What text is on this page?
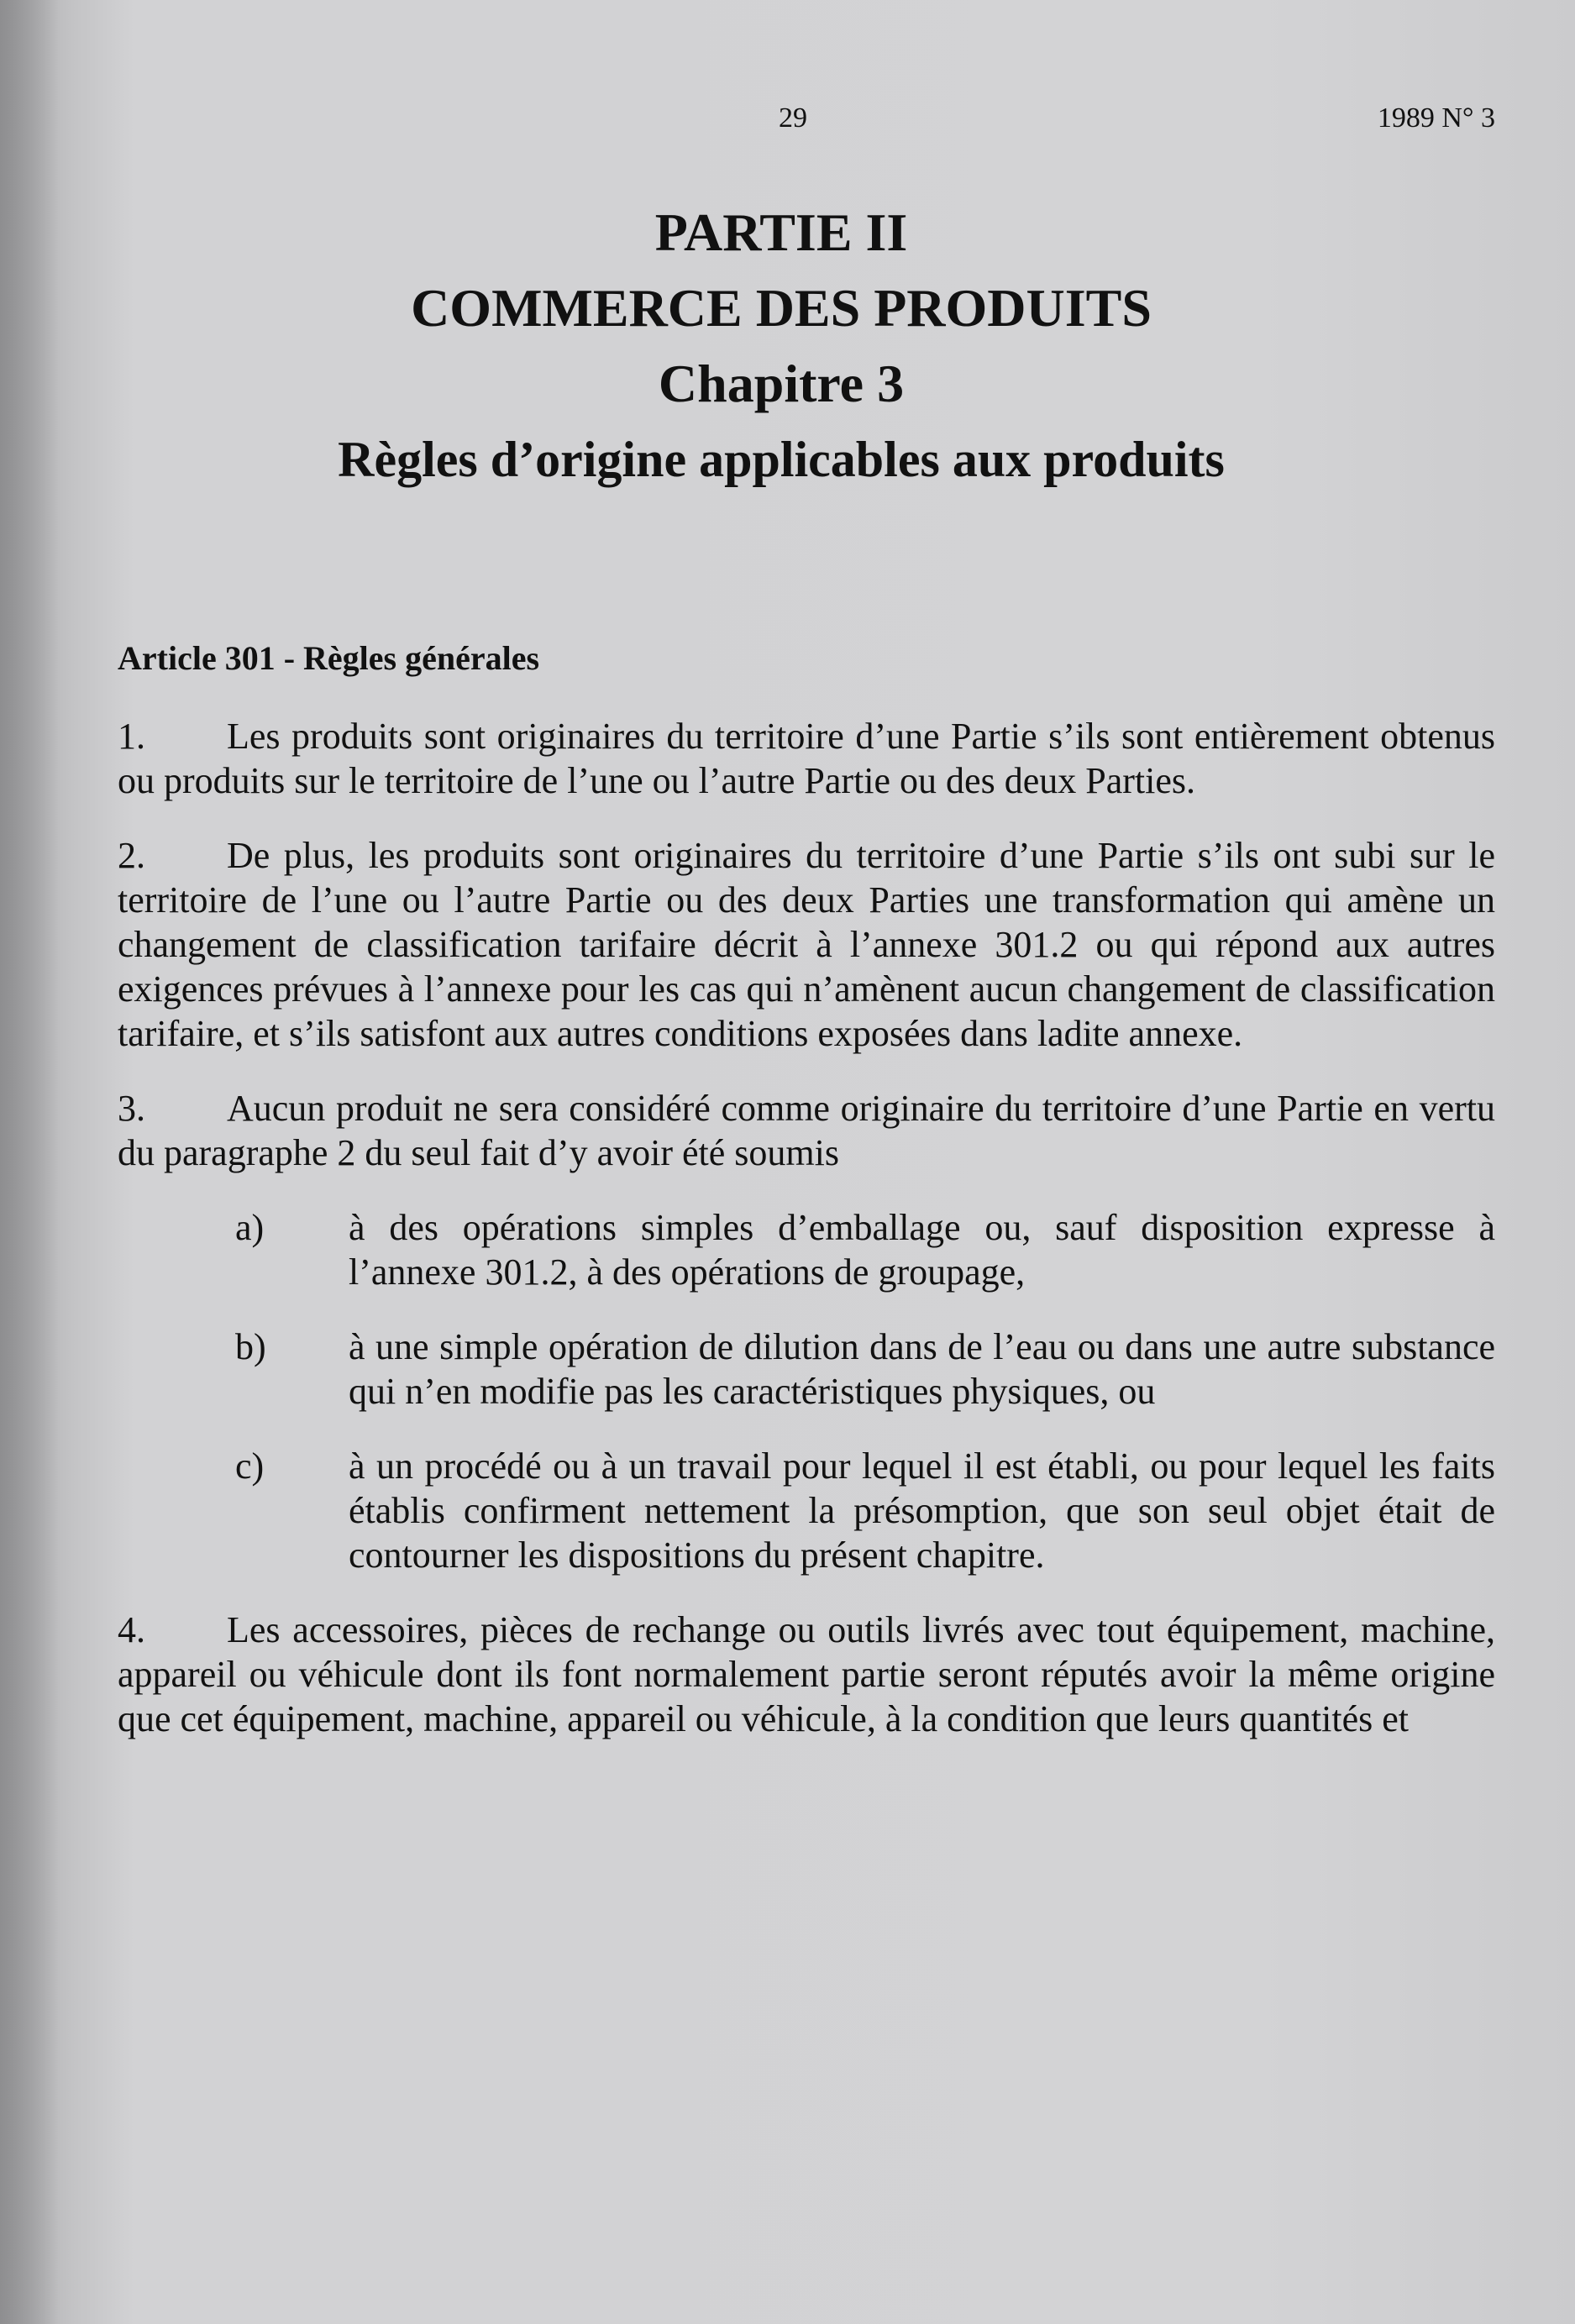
29	1989 N° 3
PARTIE II
COMMERCE DES PRODUITS
Chapitre 3
Règles d’origine applicables aux produits
Article 301 - Règles générales

1. Les produits sont originaires du territoire d’une Partie s’ils sont entièrement obtenus ou produits sur le territoire de l’une ou l’autre Partie ou des deux Parties.

2. De plus, les produits sont originaires du territoire d’une Partie s’ils ont subi sur le territoire de l’une ou l’autre Partie ou des deux Parties une transformation qui amène un changement de classification tarifaire décrit à l’annexe 301.2 ou qui répond aux autres exigences prévues à l’annexe pour les cas qui n’amènent aucun changement de classification tarifaire, et s’ils satisfont aux autres conditions exposées dans ladite annexe.

3. Aucun produit ne sera considéré comme originaire du territoire d’une Partie en vertu du paragraphe 2 du seul fait d’y avoir été soumis

a) à des opérations simples d’emballage ou, sauf disposition expresse à l’annexe 301.2, à des opérations de groupage,
b) à une simple opération de dilution dans de l’eau ou dans une autre substance qui n’en modifie pas les caractéristiques physiques, ou
c) à un procédé ou à un travail pour lequel il est établi, ou pour lequel les faits établis confirment nettement la présomption, que son seul objet était de contourner les dispositions du présent chapitre.

4. Les accessoires, pièces de rechange ou outils livrés avec tout équipement, machine, appareil ou véhicule dont ils font normalement partie seront réputés avoir la même origine que cet équipement, machine, appareil ou véhicule, à la condition que leurs quantités et
